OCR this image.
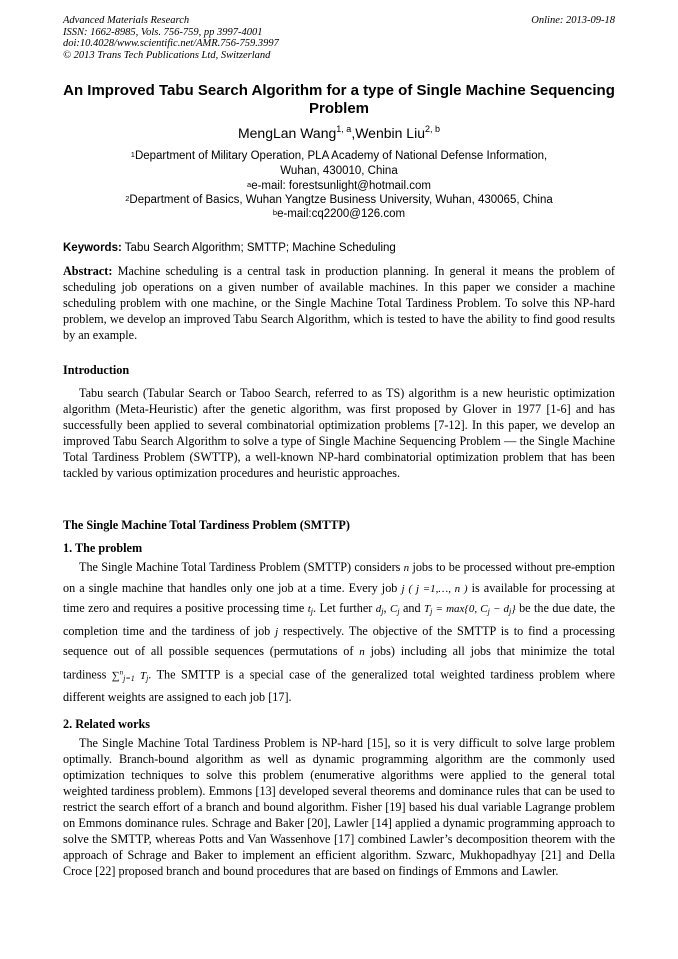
Advanced Materials Research
ISSN: 1662-8985, Vols. 756-759, pp 3997-4001
doi:10.4028/www.scientific.net/AMR.756-759.3997
© 2013 Trans Tech Publications Ltd, Switzerland
Online: 2013-09-18
An Improved Tabu Search Algorithm for a type of Single Machine Sequencing Problem
MengLan Wang$^{1, a}$,Wenbin Liu$^{2, b}$
$^1$Department of Military Operation, PLA Academy of National Defense Information,
Wuhan, 430010, China
$^a$e-mail: forestsunlight@hotmail.com
$^2$Department of Basics, Wuhan Yangtze Business University, Wuhan, 430065, China
$^b$e-mail:cq2200@126.com
Keywords: Tabu Search Algorithm; SMTTP; Machine Scheduling
Abstract: Machine scheduling is a central task in production planning. In general it means the problem of scheduling job operations on a given number of available machines. In this paper we consider a machine scheduling problem with one machine, or the Single Machine Total Tardiness Problem. To solve this NP-hard problem, we develop an improved Tabu Search Algorithm, which is tested to have the ability to find good results by an example.
Introduction
Tabu search (Tabular Search or Taboo Search, referred to as TS) algorithm is a new heuristic optimization algorithm (Meta-Heuristic) after the genetic algorithm, was first proposed by Glover in 1977 [1-6] and has successfully been applied to several combinatorial optimization problems [7-12]. In this paper, we develop an improved Tabu Search Algorithm to solve a type of Single Machine Sequencing Problem — the Single Machine Total Tardiness Problem (SWTTP), a well-known NP-hard combinatorial optimization problem that has been tackled by various optimization procedures and heuristic approaches.
The Single Machine Total Tardiness Problem (SMTTP)
1. The problem
The Single Machine Total Tardiness Problem (SMTTP) considers n jobs to be processed without pre-emption on a single machine that handles only one job at a time. Every job j ( j =1,…, n ) is available for processing at time zero and requires a positive processing time $t_j$. Let further $d_j$, $C_j$ and $T_j = \max\{0$, $C_j - d_j$} be the due date, the completion time and the tardiness of job j respectively. The objective of the SMTTP is to find a processing sequence out of all possible sequences (permutations of n jobs) including all jobs that minimize the total tardiness ∑$^n_{j=1}$ $T_j$. The SMTTP is a special case of the generalized total weighted tardiness problem where different weights are assigned to each job [17].
2. Related works
The Single Machine Total Tardiness Problem is NP-hard [15], so it is very difficult to solve large problem optimally. Branch-bound algorithm as well as dynamic programming algorithm are the commonly used optimization techniques to solve this problem (enumerative algorithms were applied to the general total weighted tardiness problem). Emmons [13] developed several theorems and dominance rules that can be used to restrict the search effort of a branch and bound algorithm. Fisher [19] based his dual variable Lagrange problem on Emmons dominance rules. Schrage and Baker [20], Lawler [14] applied a dynamic programming approach to solve the SMTTP, whereas Potts and Van Wassenhove [17] combined Lawler’s decomposition theorem with the approach of Schrage and Baker to implement an efficient algorithm. Szwarc, Mukhopadhyay [21] and Della Croce [22] proposed branch and bound procedures that are based on findings of Emmons and Lawler.
